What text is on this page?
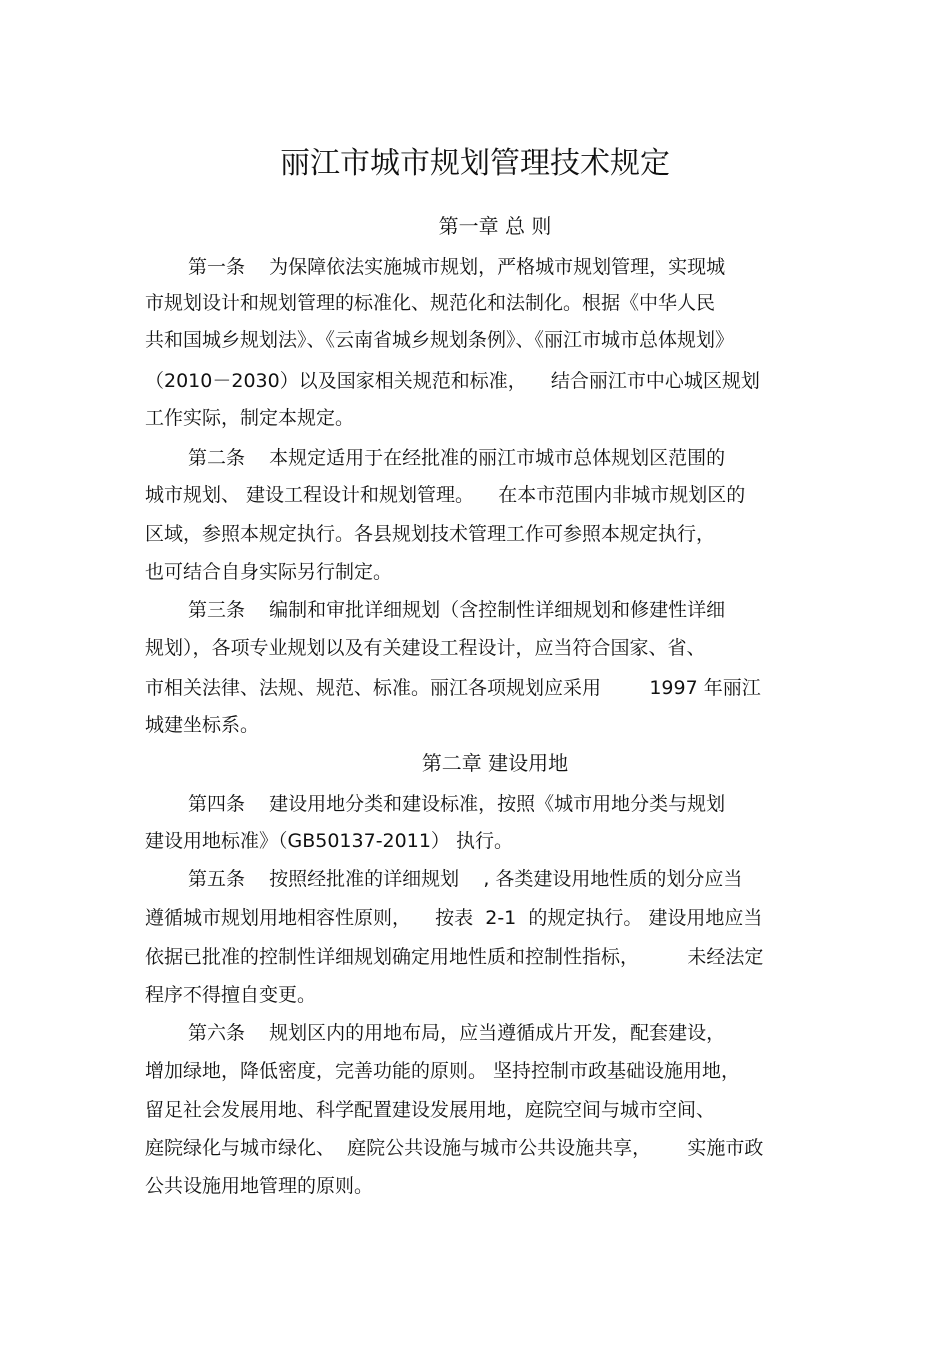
丽江市城市规划管理技术规定
第一章 总 则
第一条    为保障依法实施城市规划，严格城市规划管理，实现城
市规划设计和规划管理的标准化、规范化和法制化。根据《中华人民
共和国城乡规划法》、《云南省城乡规划条例》、《丽江市城市总体规划》
（2010－2030）以及国家相关规范和标准，    结合丽江市中心城区规划
工作实际，制定本规定。
第二条    本规定适用于在经批准的丽江市城市总体规划区范围的
城市规划、 建设工程设计和规划管理。    在本市范围内非城市规划区的
区域，参照本规定执行。各县规划技术管理工作可参照本规定执行，
也可结合自身实际另行制定。
第三条    编制和审批详细规划（含控制性详细规划和修建性详细
规划），各项专业规划以及有关建设工程设计，应当符合国家、省、
市相关法律、法规、规范、标准。丽江各项规划应采用        1997 年丽江
城建坐标系。
第二章 建设用地
第四条    建设用地分类和建设标准，按照《城市用地分类与规划
建设用地标准》（GB50137-2011） 执行。
第五条    按照经批准的详细规划    , 各类建设用地性质的划分应当
遵循城市规划用地相容性原则，    按表  2-1  的规定执行。 建设用地应当
依据已批准的控制性详细规划确定用地性质和控制性指标，        未经法定
程序不得擅自变更。
第六条    规划区内的用地布局，应当遵循成片开发，配套建设，
增加绿地，降低密度，完善功能的原则。 坚持控制市政基础设施用地，
留足社会发展用地、科学配置建设发展用地，庭院空间与城市空间、
庭院绿化与城市绿化、  庭院公共设施与城市公共设施共享，      实施市政
公共设施用地管理的原则。
